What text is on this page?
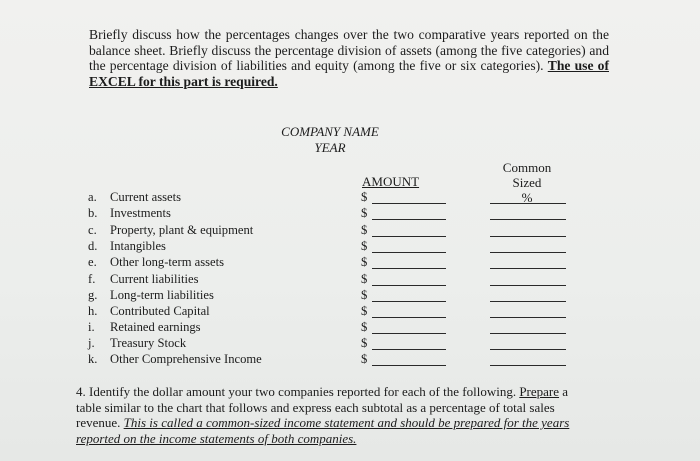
Briefly discuss how the percentages changes over the two comparative years reported on the balance sheet. Briefly discuss the percentage division of assets (among the five categories) and the percentage division of liabilities and equity (among the five or six categories). The use of EXCEL for this part is required.
COMPANY NAME
YEAR
Common Sized
%
AMOUNT
a.	Current assets	$
b. Investments	$
c.	Property, plant & equipment	$
d. Intangibles	$
e.	Other long-term assets	$
f.	Current liabilities	$
g. Long-term liabilities	$
h. Contributed Capital	$
i.	Retained earnings	$
j.	Treasury Stock	$
k. Other Comprehensive Income	$
4. Identify the dollar amount your two companies reported for each of the following. Prepare a table similar to the chart that follows and express each subtotal as a percentage of total sales revenue. This is called a common-sized income statement and should be prepared for the years reported on the income statements of both companies.
